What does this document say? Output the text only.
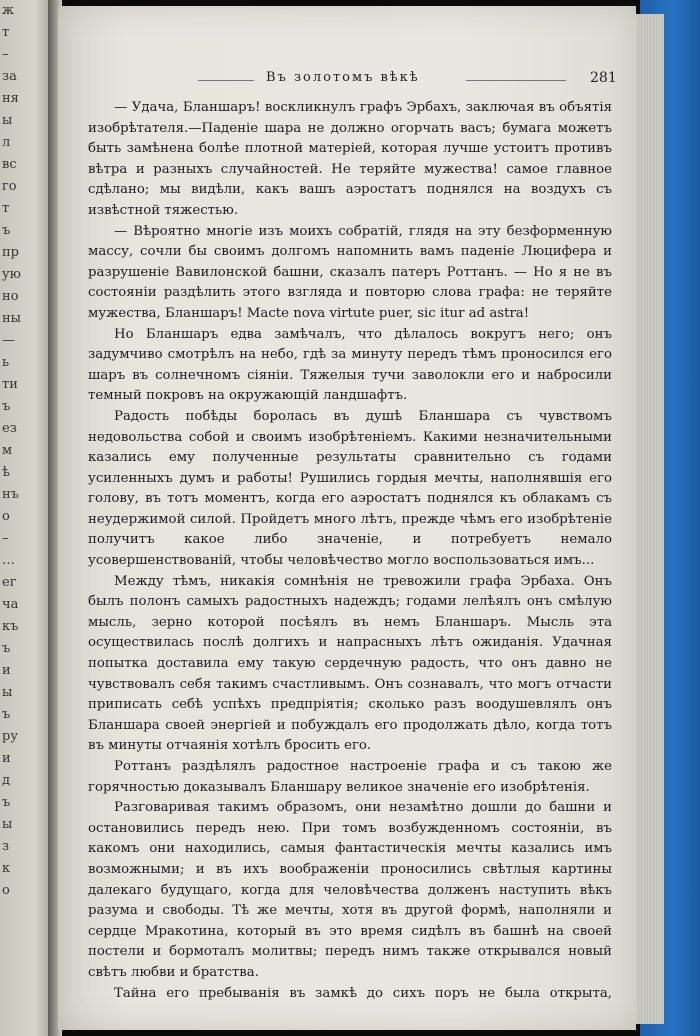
ж
т
–
за
ня
ы
л
вс
го
т
ъ
пр
ую
но
ны
—
ь
ти
ъ
ез
м
ѣ
нъ
о
–
…
ег
ча
къ
ъ
и
ы
ъ
ру
и
д
ъ
ы
з
к
о
Въ золотомъ вѣкѣ	281

— Удача, Бланшаръ! воскликнулъ графъ Эрбахъ, заключая въ объятія изобрѣтателя.—Паденіе шара не должно огорчать васъ; бумага можетъ быть замѣнена болѣе плотной матеріей, которая лучше устоитъ противъ вѣтра и разныхъ случайностей. Не теряйте мужества! самое главное сдѣлано; мы видѣли, какъ вашъ аэростатъ поднялся на воздухъ съ извѣстной тяжестью.

— Вѣроятно многіе изъ моихъ собратій, глядя на эту безформенную массу, сочли бы своимъ долгомъ напомнить вамъ паденіе Люцифера и разрушеніе Вавилонской башни, сказалъ патеръ Роттанъ. — Но я не въ состояніи раздѣлить этого взгляда и повторю слова графа: не теряйте мужества, Бланшаръ! Macte nova virtute puer, sic itur ad astra!

Но Бланшаръ едва замѣчалъ, что дѣлалось вокругъ него; онъ задумчиво смотрѣлъ на небо, гдѣ за минуту передъ тѣмъ проносился его шаръ въ солнечномъ сіяніи. Тяжелыя тучи заволокли его и набросили темный покровъ на окружающій ландшафтъ.

Радость побѣды боролась въ душѣ Бланшара съ чувствомъ недовольства собой и своимъ изобрѣтеніемъ. Какими незначительными казались ему полученные результаты сравнительно съ годами усиленныхъ думъ и работы! Рушились гордыя мечты, наполнявшія его голову, въ тотъ моментъ, когда его аэростатъ поднялся къ облакамъ съ неудержимой силой. Пройдетъ много лѣтъ, прежде чѣмъ его изобрѣтеніе получитъ какое либо значеніе, и потребуетъ немало усовершенствованій, чтобы человѣчество могло воспользоваться имъ...

Между тѣмъ, никакія сомнѣнія не тревожили графа Эрбаха. Онъ былъ полонъ самыхъ радостныхъ надеждъ; годами лелѣялъ онъ смѣлую мысль, зерно которой посѣялъ въ немъ Бланшаръ. Мысль эта осуществилась послѣ долгихъ и напрасныхъ лѣтъ ожиданія. Удачная попытка доставила ему такую сердечную радость, что онъ давно не чувствовалъ себя такимъ счастливымъ. Онъ сознавалъ, что могъ отчасти приписать себѣ успѣхъ предпріятія; сколько разъ воодушевлялъ онъ Бланшара своей энергіей и побуждалъ его продолжать дѣло, когда тотъ въ минуты отчаянія хотѣлъ бросить его.

Роттанъ раздѣлялъ радостное настроеніе графа и съ такою же горячностью доказывалъ Бланшару великое значеніе его изобрѣтенія.

Разговаривая такимъ образомъ, они незамѣтно дошли до башни и остановились передъ нею. При томъ возбужденномъ состояніи, въ какомъ они находились, самыя фантастическія мечты казались имъ возможными; и въ ихъ воображеніи проносились свѣтлыя картины далекаго будущаго, когда для человѣчества долженъ наступить вѣкъ разума и свободы. Тѣ же мечты, хотя въ другой формѣ, наполняли и сердце Мракотина, который въ это время сидѣлъ въ башнѣ на своей постели и бормоталъ молитвы; передъ нимъ также открывался новый свѣтъ любви и братства.

Тайна его пребыванія въ замкѣ до сихъ поръ не была открыта,
